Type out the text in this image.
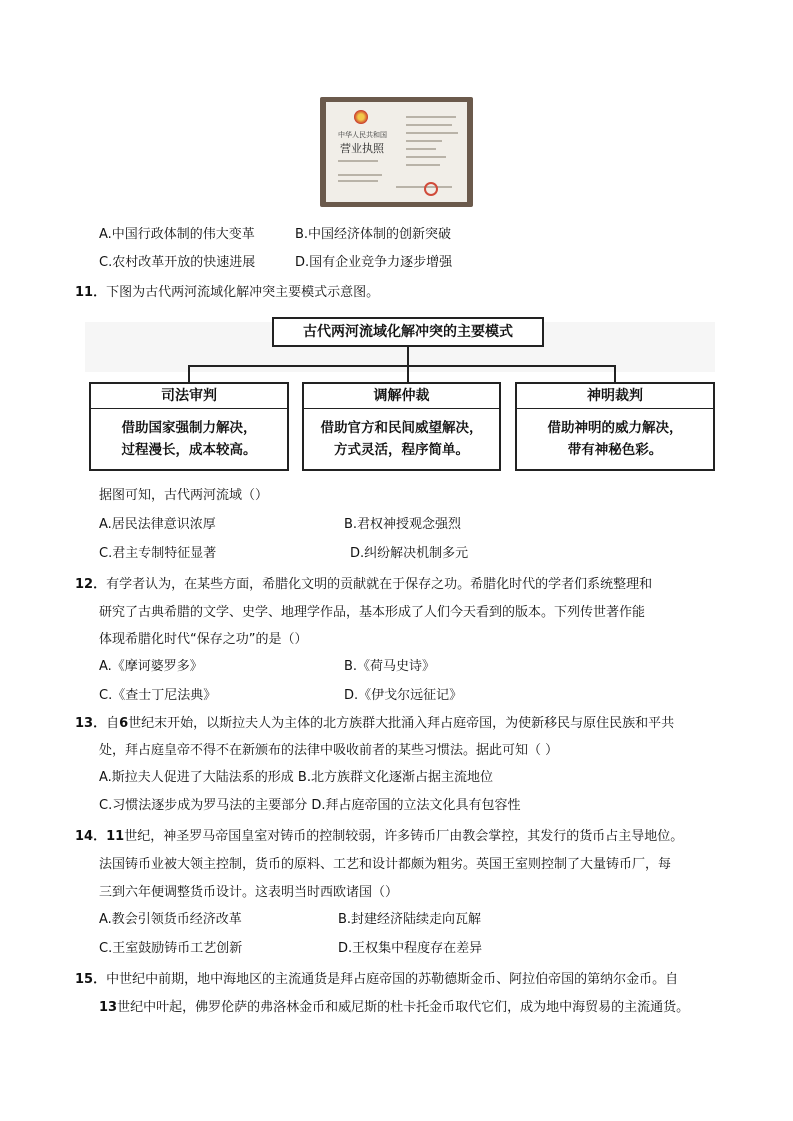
中华人民共和国
营业执照
A.中国行政体制的伟大变革	B.中国经济体制的创新突破
C.农村改革开放的快速进展	D.国有企业竞争力逐步增强
11．下图为古代两河流域化解冲突主要模式示意图。
古代两河流域化解冲突的主要模式
司法审判
借助国家强制力解决，
过程漫长，成本较高。
调解仲裁
借助官方和民间威望解决，
方式灵活，程序简单。
神明裁判
借助神明的威力解决，
带有神秘色彩。
据图可知，古代两河流域（）
A.居民法律意识浓厚	B.君权神授观念强烈
C.君主专制特征显著	D.纠纷解决机制多元
12．有学者认为，在某些方面，希腊化文明的贡献就在于保存之功。希腊化时代的学者们系统整理和
研究了古典希腊的文学、史学、地理学作品，基本形成了人们今天看到的版本。下列传世著作能
体现希腊化时代“保存之功”的是（）
A.《摩诃婆罗多》	B.《荷马史诗》
C.《查士丁尼法典》	D.《伊戈尔远征记》
13．自6世纪末开始，以斯拉夫人为主体的北方族群大批涌入拜占庭帝国，为使新移民与原住民族和平共
处，拜占庭皇帝不得不在新颁布的法律中吸收前者的某些习惯法。据此可知（ ）
A.斯拉夫人促进了大陆法系的形成 B.北方族群文化逐渐占据主流地位
C.习惯法逐步成为罗马法的主要部分 D.拜占庭帝国的立法文化具有包容性
14．11世纪，神圣罗马帝国皇室对铸币的控制较弱，许多铸币厂由教会掌控，其发行的货币占主导地位。
法国铸币业被大领主控制，货币的原料、工艺和设计都颇为粗劣。英国王室则控制了大量铸币厂，每
三到六年便调整货币设计。这表明当时西欧诸国（）
A.教会引领货币经济改革	B.封建经济陆续走向瓦解
C.王室鼓励铸币工艺创新	D.王权集中程度存在差异
15．中世纪中前期，地中海地区的主流通货是拜占庭帝国的苏勒德斯金币、阿拉伯帝国的第纳尔金币。自
13世纪中叶起，佛罗伦萨的弗洛林金币和威尼斯的杜卡托金币取代它们，成为地中海贸易的主流通货。
